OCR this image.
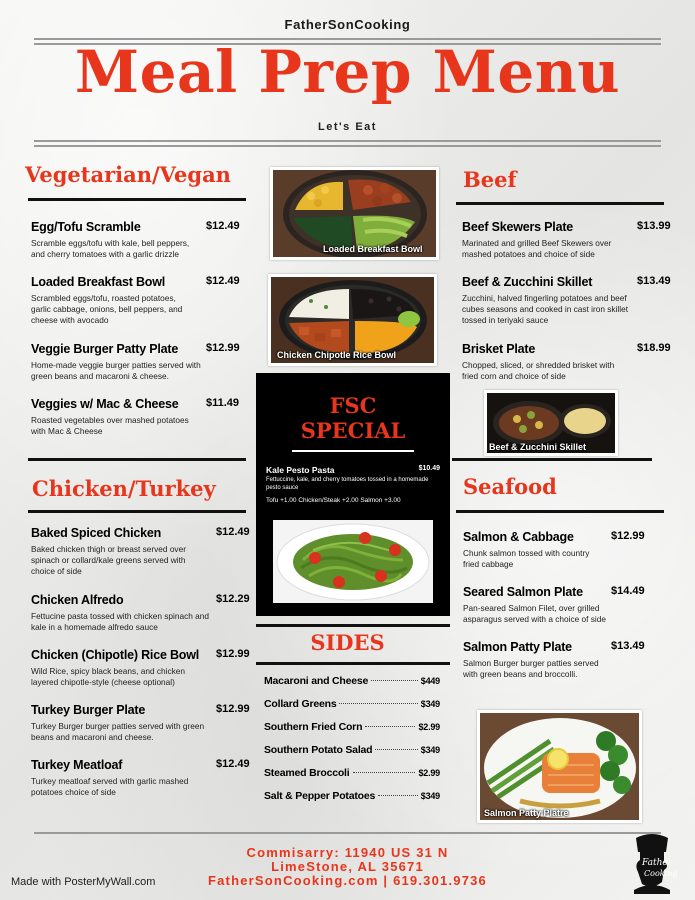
FatherSonCooking
Meal Prep Menu
Let's Eat
Vegetarian/Vegan
Egg/Tofu Scramble	$12.49
Scramble eggs/tofu with kale, bell peppers, and cherry tomatoes with a garlic drizzle
Loaded Breakfast Bowl	$12.49
Scrambled eggs/tofu, roasted potatoes, garlic cabbage, onions, bell peppers, and cheese with avocado
Veggie Burger Patty Plate	$12.99
Home-made veggie burger patties served with green beans and macaroni & cheese.
Veggies w/ Mac & Cheese	$11.49
Roasted vegetables over mashed potatoes with Mac & Cheese
Chicken/Turkey
Baked Spiced Chicken	$12.49
Baked chicken thigh or breast served over spinach or collard/kale greens served with choice of side
Chicken Alfredo	$12.29
Fettucine pasta tossed with chicken spinach and kale in a homemade alfredo sauce
Chicken (Chipotle) Rice Bowl	$12.99
Wild Rice, spicy black beans, and chicken layered chipotle-style (cheese optional)
Turkey Burger Plate	$12.99
Turkey Burger burger patties served with green beans and macaroni and cheese.
Turkey Meatloaf	$12.49
Turkey meatloaf served with garlic mashed potatoes choice of side
Loaded Breakfast Bowl
Chicken Chipotle Rice Bowl
FSC
SPECIAL
Kale Pesto Pasta	$10.49
Fettuccine, kale, and cherry tomatoes tossed in a homemade pesto sauce
Tofu +1.00 Chicken/Steak +2.00 Salmon +3.00
SIDES
Macaroni and Cheese	$449
Collard Greens	$349
Southern Fried Corn	$2.99
Southern Potato Salad	$349
Steamed Broccoli	$2.99
Salt & Pepper Potatoes	$349
Beef
Beef Skewers Plate	$13.99
Marinated and grilled Beef Skewers over mashed potatoes and choice of side
Beef & Zucchini Skillet	$13.49
Zucchini, halved fingerling potatoes and beef cubes seasons and cooked in cast iron skillet tossed in teriyaki sauce
Brisket Plate	$18.99
Chopped, sliced, or shredded brisket with fried corn and choice of side
Beef & Zucchini Skillet
Seafood
Salmon & Cabbage	$12.99
Chunk salmon tossed with country fried cabbage
Seared Salmon Plate	$14.49
Pan-seared Salmon Filet, over grilled asparagus served with a choice of side
Salmon Patty Plate	$13.49
Salmon Burger burger patties served with green beans and broccolli.
Salmon Patty Platre
Commisarry: 11940 US 31 N
LimeStone, AL 35671
FatherSonCooking.com | 619.301.9736
Made with PosterMyWall.com
Father
Cooking
